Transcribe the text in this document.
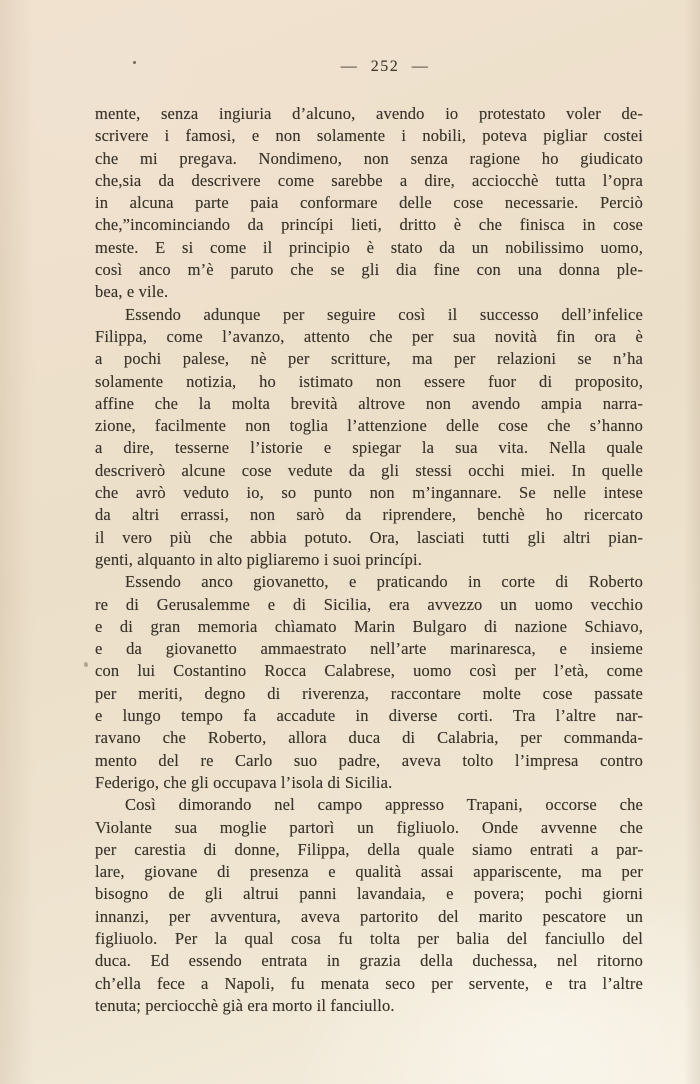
— 252 —
mente, senza ingiuria d’alcuno, avendo io protestato voler de-
scrivere i famosi, e non solamente i nobili, poteva pigliar costei
che mi pregava. Nondimeno, non senza ragione ho giudicato
che,sia da descrivere come sarebbe a dire, acciocchè tutta l’opra
in alcuna parte paia conformare delle cose necessarie. Perciò
che,”incominciando da princípi lieti, dritto è che finisca in cose
meste. E si come il principio è stato da un nobilissimo uomo,
così anco m’è paruto che se gli dia fine con una donna ple-
bea, e vile.
Essendo adunque per seguire così il successo dell’infelice
Filippa, come l’avanzo, attento che per sua novità fin ora è
a pochi palese, nè per scritture, ma per relazioni se n’ha
solamente notizia, ho istimato non essere fuor di proposito,
affine che la molta brevità altrove non avendo ampia narra-
zione, facilmente non toglia l’attenzione delle cose che s’hanno
a dire, tesserne l’istorie e spiegar la sua vita. Nella quale
descriverò alcune cose vedute da gli stessi occhi miei. In quelle
che avrò veduto io, so punto non m’ingannare. Se nelle intese
da altri errassi, non sarò da riprendere, benchè ho ricercato
il vero più che abbia potuto. Ora, lasciati tutti gli altri pian-
genti, alquanto in alto pigliaremo i suoi princípi.
Essendo anco giovanetto, e praticando in corte di Roberto
re di Gerusalemme e di Sicilia, era avvezzo un uomo vecchio
e di gran memoria chìamato Marin Bulgaro di nazione Schiavo,
e da giovanetto ammaestrato nell’arte marinaresca, e insieme
con lui Costantino Rocca Calabrese, uomo così per l’età, come
per meriti, degno di riverenza, raccontare molte cose passate
e lungo tempo fa accadute in diverse corti. Tra l’altre nar-
ravano che Roberto, allora duca di Calabria, per commanda-
mento del re Carlo suo padre, aveva tolto l’impresa contro
Federigo, che gli occupava l’isola di Sicilia.
Così dimorando nel campo appresso Trapani, occorse che
Violante sua moglie partorì un figliuolo. Onde avvenne che
per carestia di donne, Filippa, della quale siamo entrati a par-
lare, giovane di presenza e qualità assai appariscente, ma per
bisogno de gli altrui panni lavandaia, e povera; pochi giorni
innanzi, per avventura, aveva partorito del marito pescatore un
figliuolo. Per la qual cosa fu tolta per balia del fanciullo del
duca. Ed essendo entrata in grazia della duchessa, nel ritorno
ch’ella fece a Napoli, fu menata seco per servente, e tra l’altre
tenuta; perciocchè già era morto il fanciullo.
